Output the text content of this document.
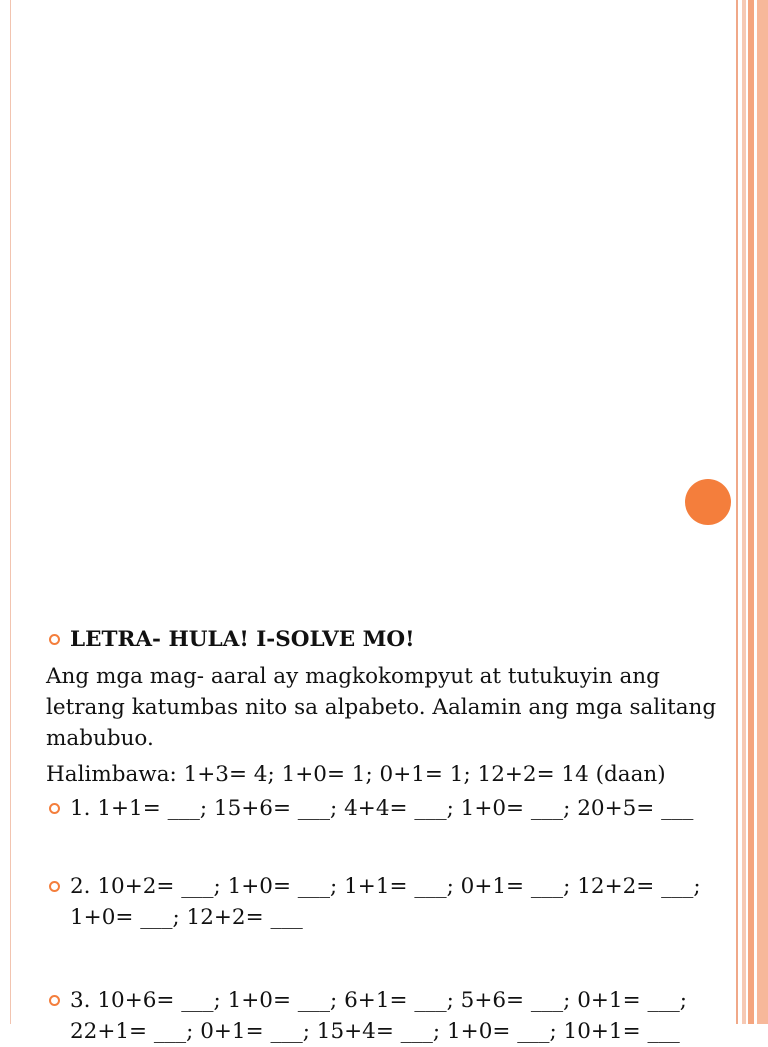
LETRA- HULA! I-SOLVE MO!
Ang mga mag- aaral ay magkokompyut at tutukuyin ang letrang katumbas nito sa alpabeto. Aalamin ang mga salitang mabubuo.
Halimbawa: 1+3= 4; 1+0= 1; 0+1= 1; 12+2= 14 (daan)
1. 1+1= ___; 15+6= ___; 4+4= ___; 1+0= ___; 20+5= ___
2. 10+2= ___; 1+0= ___; 1+1= ___; 0+1= ___; 12+2= ___; 1+0= ___; 12+2= ___
3. 10+6= ___; 1+0= ___; 6+1= ___; 5+6= ___; 0+1= ___; 22+1= ___; 0+1= ___; 15+4= ___; 1+0= ___; 10+1= ___
